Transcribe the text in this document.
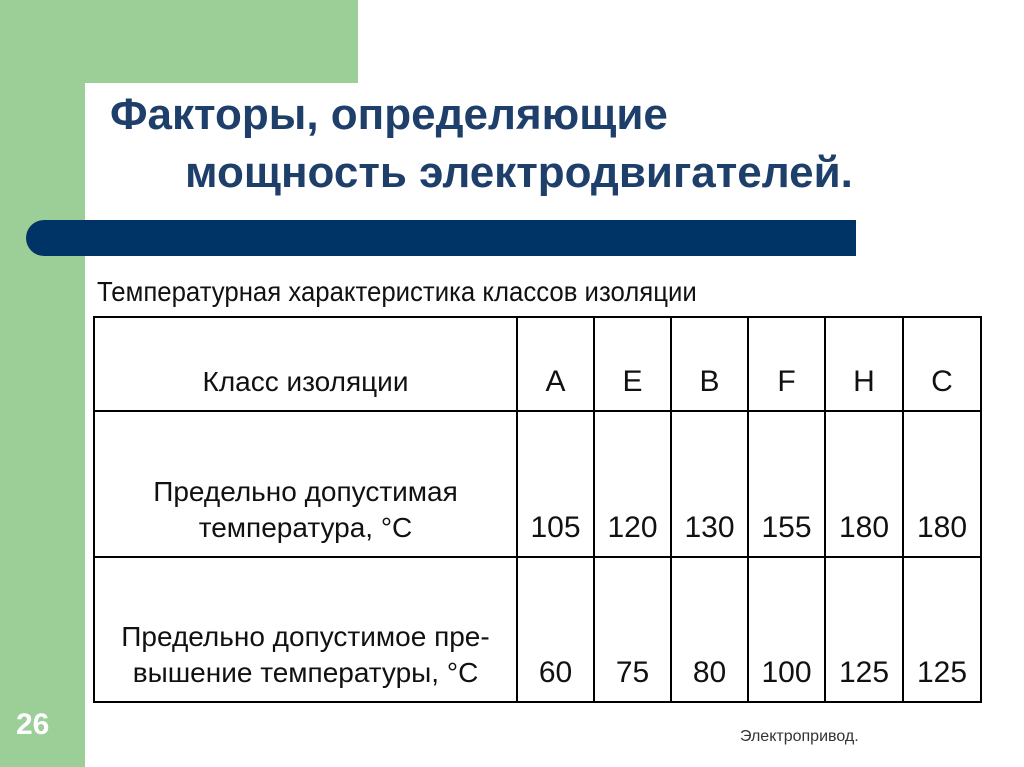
Факторы, определяющие
мощность электродвигателей.
Температурная характеристика классов изоляции
Класс изоляции	A	E	B	F	H	C
Предельно допустимая
температура, °С	105	120	130	155	180	180
Предельно допустимое пре-
вышение температуры, °С	60	75	80	100	125	125
26	Электропривод.
